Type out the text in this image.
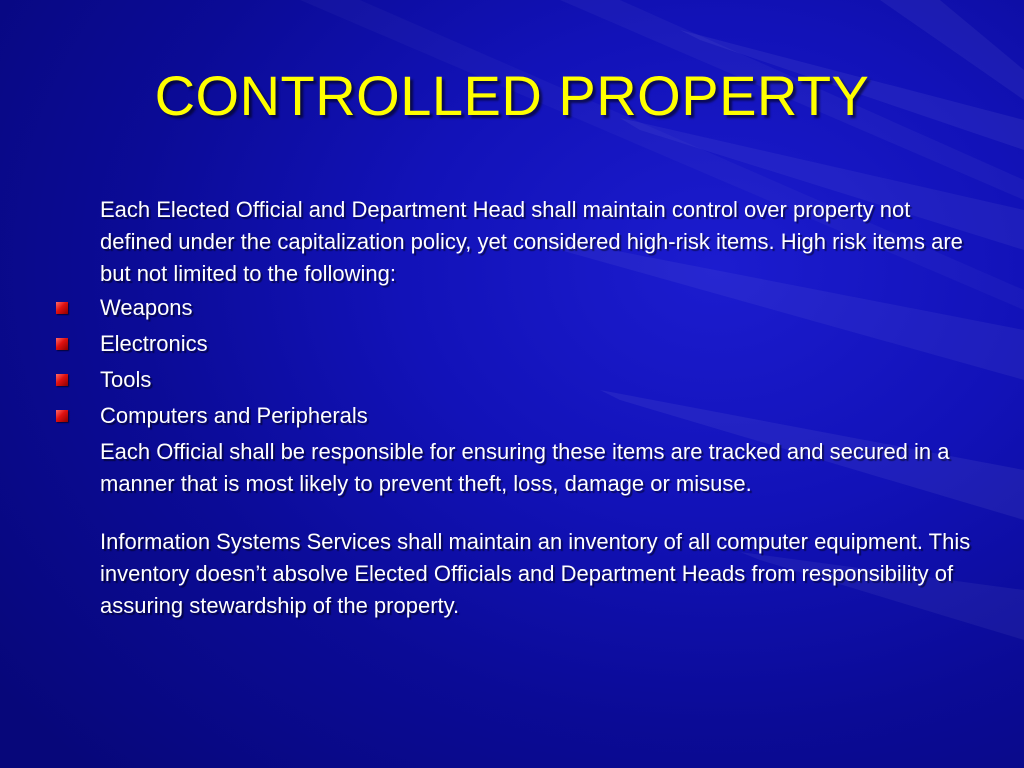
CONTROLLED PROPERTY

Each Elected Official and Department Head shall maintain control over property not defined under the capitalization policy, yet considered high-risk items. High risk items are but not limited to the following:

Weapons
Electronics
Tools
Computers and Peripherals

Each Official shall be responsible for ensuring these items are tracked and secured in a manner that is most likely to prevent theft, loss, damage or misuse.

Information Systems Services shall maintain an inventory of all computer equipment. This inventory doesn’t absolve Elected Officials and Department Heads from responsibility of assuring stewardship of the property.
